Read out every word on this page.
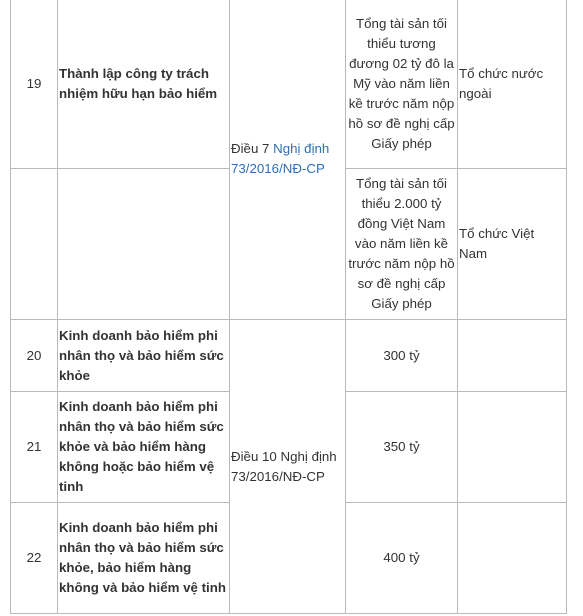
19	Thành lập công ty trách nhiệm hữu hạn bảo hiểm	Điều 7 Nghị định 73/2016/NĐ-CP	Tổng tài sản tối thiểu tương đương 02 tỷ đô la Mỹ vào năm liền kề trước năm nộp hồ sơ đề nghị cấp Giấy phép	Tổ chức nước ngoài
			Tổng tài sản tối thiểu 2.000 tỷ đồng Việt Nam vào năm liền kề trước năm nộp hồ sơ đề nghị cấp Giấy phép	Tổ chức Việt Nam
20	Kinh doanh bảo hiểm phi nhân thọ và bảo hiểm sức khỏe	Điều 10 Nghị định 73/2016/NĐ-CP	300 tỷ	
21	Kinh doanh bảo hiểm phi nhân thọ và bảo hiểm sức khỏe và bảo hiểm hàng không hoặc bảo hiểm vệ tinh		350 tỷ	
22	Kinh doanh bảo hiểm phi nhân thọ và bảo hiểm sức khỏe, bảo hiểm hàng không và bảo hiểm vệ tinh		400 tỷ	
